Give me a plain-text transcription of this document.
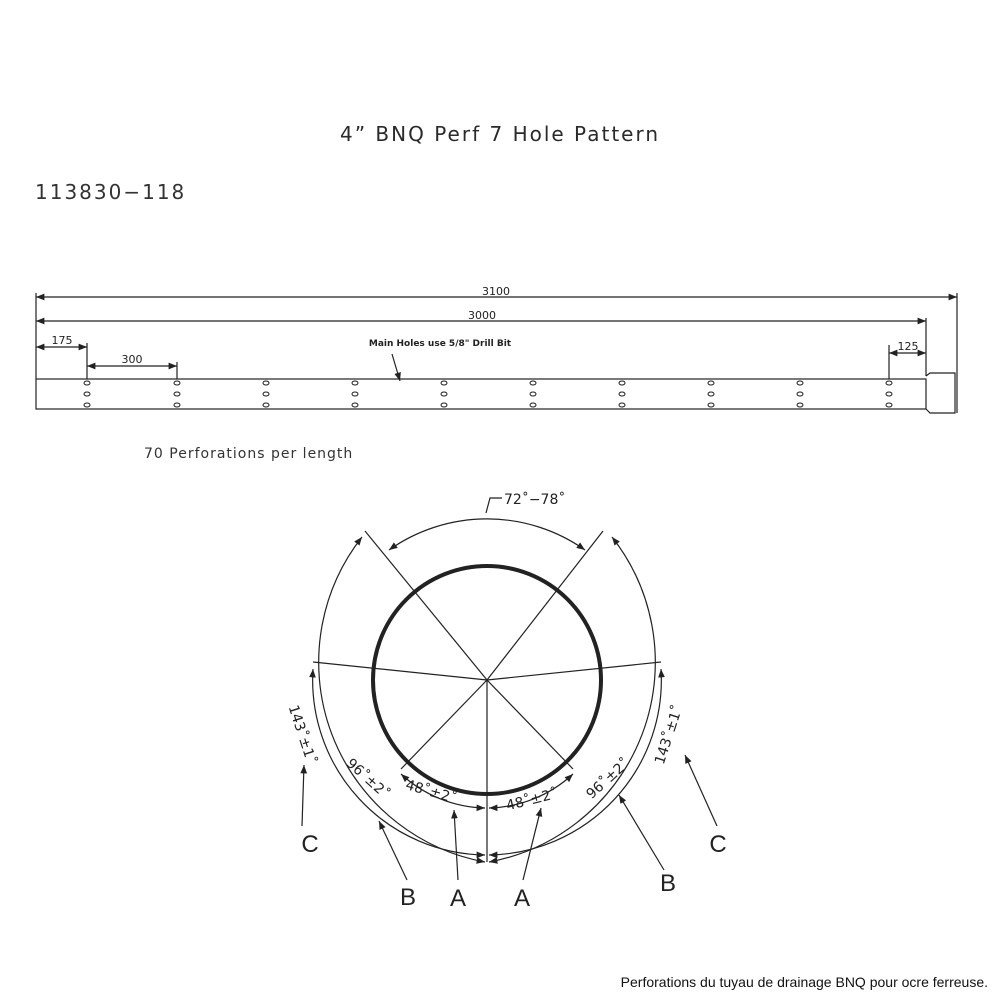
4” BNQ Perf 7 Hole Pattern
113830−118
70 Perforations per length
Perforations du tuyau de drainage BNQ pour ocre ferreuse.
3100
3000
175
300
125
Main Holes use 5/8" Drill Bit
72˚−78˚
48˚±2˚	48˚±2˚
96˚±2˚	96˚±2˚
143˚±1˚	143˚±1˚
A A
B
B
C	C
